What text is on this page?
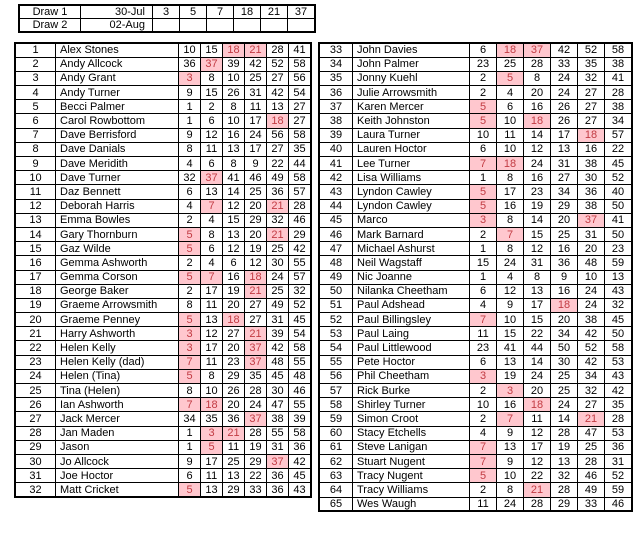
Draw 1	30-Jul	3	5	7	18	21	37
Draw 2	02-Aug						
1	Alex Stones	10	15	18	21	28	41
2	Andy Allcock	36	37	39	42	52	58
3	Andy Grant	3	8	10	25	27	56
4	Andy Turner	9	15	26	31	42	54
5	Becci Palmer	1	2	8	11	13	27
6	Carol Rowbottom	1	6	10	17	18	27
7	Dave Berrisford	9	12	16	24	56	58
8	Dave Danials	8	11	13	17	27	35
9	Dave Meridith	4	6	8	9	22	44
10	Dave Turner	32	37	41	46	49	58
11	Daz Bennett	6	13	14	25	36	57
12	Deborah Harris	4	7	12	20	21	28
13	Emma Bowles	2	4	15	29	32	46
14	Gary Thornburn	5	8	13	20	21	29
15	Gaz Wilde	5	6	12	19	25	42
16	Gemma Ashworth	2	4	6	12	30	55
17	Gemma Corson	5	7	16	18	24	57
18	George Baker	2	17	19	21	25	32
19	Graeme Arrowsmith	8	11	20	27	49	52
20	Graeme Penney	5	13	18	27	31	45
21	Harry Ashworth	3	12	27	21	39	54
22	Helen Kelly	3	17	20	37	42	58
23	Helen Kelly (dad)	7	11	23	37	48	55
24	Helen (Tina)	5	8	29	35	45	48
25	Tina (Helen)	8	10	26	28	30	46
26	Ian Ashworth	7	18	20	24	47	55
27	Jack Mercer	34	35	36	37	38	39
28	Jan Maden	1	3	21	28	55	58
29	Jason	1	5	11	19	31	36
30	Jo Allcock	9	17	25	29	37	42
31	Joe Hoctor	6	11	13	22	36	45
32	Matt Cricket	5	13	29	33	36	43
33	John Davies	6	18	37	42	52	58
34	John Palmer	23	25	28	33	35	38
35	Jonny Kuehl	2	5	8	24	32	41
36	Julie Arrowsmith	2	4	20	24	27	28
37	Karen Mercer	5	6	16	26	27	38
38	Keith Johnston	5	10	18	26	27	34
39	Laura Turner	10	11	14	17	18	57
40	Lauren Hoctor	6	10	12	13	16	22
41	Lee Turner	7	18	24	31	38	45
42	Lisa Williams	1	8	16	27	30	52
43	Lyndon Cawley	5	17	23	34	36	40
44	Lyndon Cawley	5	16	19	29	38	50
45	Marco	3	8	14	20	37	41
46	Mark Barnard	2	7	15	25	31	50
47	Michael Ashurst	1	8	12	16	20	23
48	Neil Wagstaff	15	24	31	36	48	59
49	Nic Joanne	1	4	8	9	10	13
50	Nilanka Cheetham	6	12	13	16	24	43
51	Paul Adshead	4	9	17	18	24	32
52	Paul Billingsley	7	10	15	20	38	45
53	Paul Laing	11	15	22	34	42	50
54	Paul Littlewood	23	41	44	50	52	58
55	Pete Hoctor	6	13	14	30	42	53
56	Phil Cheetham	3	19	24	25	34	43
57	Rick Burke	2	3	20	25	32	42
58	Shirley Turner	10	16	18	24	27	35
59	Simon Croot	2	7	11	14	21	28
60	Stacy Etchells	4	9	12	28	47	53
61	Steve Lanigan	7	13	17	19	25	36
62	Stuart Nugent	7	9	12	13	28	31
63	Tracy Nugent	5	10	22	32	46	52
64	Tracy Williams	2	8	21	28	49	59
65	Wes Waugh	11	24	28	29	33	46
